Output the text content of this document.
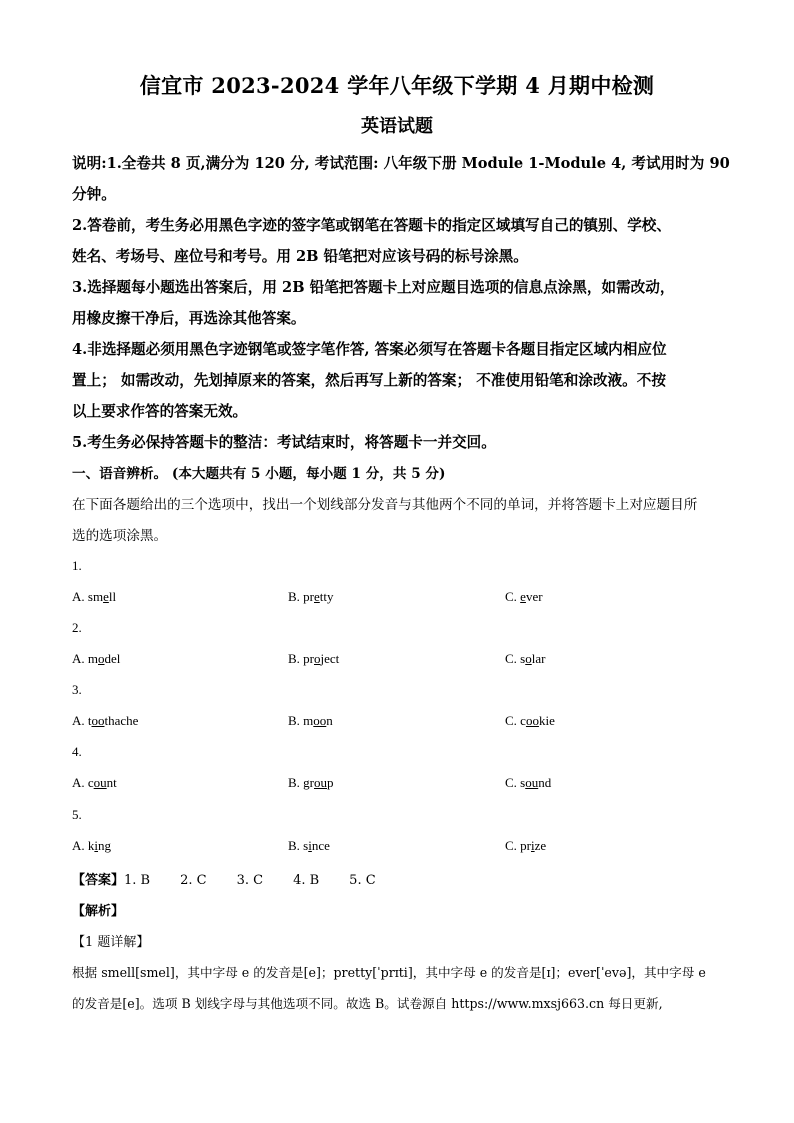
信宜市 2023-2024 学年八年级下学期 4 月期中检测
英语试题
说明:1.全卷共 8 页,满分为 120 分, 考试范围: 八年级下册 Module 1-Module 4, 考试用时为 90
分钟。
2.答卷前，考生务必用黑色字迹的签字笔或钢笔在答题卡的指定区域填写自己的镇别、学校、
姓名、考场号、座位号和考号。用 2B 铅笔把对应该号码的标号涂黑。
3.选择题每小题选出答案后，用 2B 铅笔把答题卡上对应题目选项的信息点涂黑，如需改动，
用橡皮擦干净后，再选涂其他答案。
4.非选择题必须用黑色字迹钢笔或签字笔作答, 答案必须写在答题卡各题目指定区域内相应位
置上； 如需改动，先划掉原来的答案，然后再写上新的答案； 不准使用铅笔和涂改液。不按
以上要求作答的答案无效。
5.考生务必保持答题卡的整洁：考试结束时，将答题卡一并交回。
一、语音辨析。 (本大题共有 5 小题，每小题 1 分，共 5 分)
在下面各题给出的三个选项中，找出一个划线部分发音与其他两个不同的单词，并将答题卡上对应题目所
选的选项涂黑。
1.
A. smell	B. pretty	C. ever
2.
A. model	B. project	C. solar
3.
A. toothache	B. moon	C. cookie
4.
A. count	B. group	C. sound
5.
A. king	B. since	C. prize
【答案】1. B 2. C 3. C 4. B 5. C
【解析】
【1 题详解】
根据 smell[smel]，其中字母 e 的发音是[e]；pretty[ˈprɪti]，其中字母 e 的发音是[ɪ]；ever[ˈevə]，其中字母 e
的发音是[e]。选项 B 划线字母与其他选项不同。故选 B。试卷源自 https://www.mxsj663.cn 每日更新,
